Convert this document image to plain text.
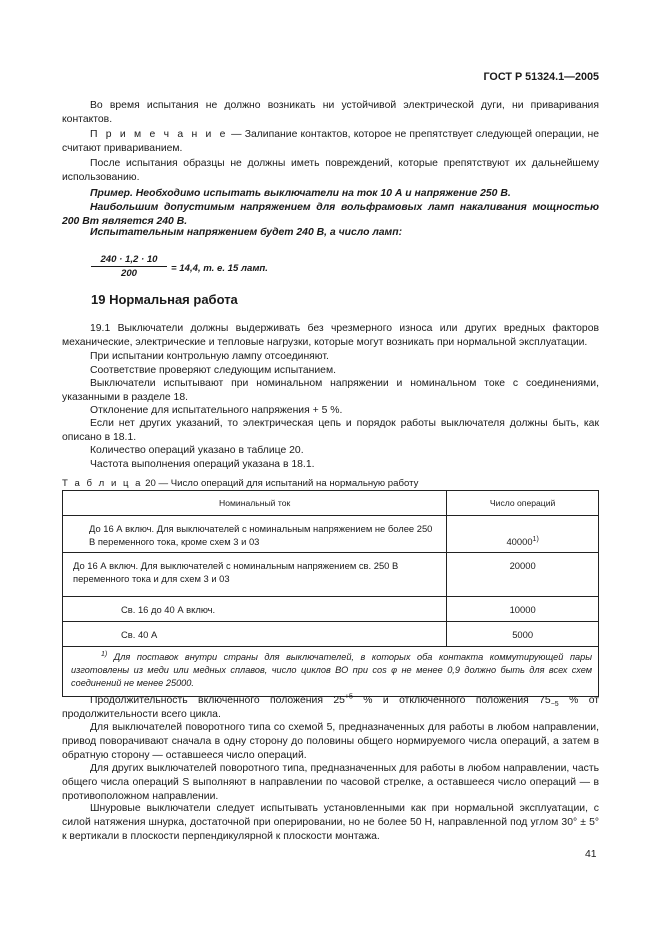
ГОСТ Р 51324.1—2005

Во время испытания не должно возникать ни устойчивой электрической дуги, ни приваривания контактов.

П р и м е ч а н и е — Залипание контактов, которое не препятствует следующей операции, не считают привариванием.

После испытания образцы не должны иметь повреждений, которые препятствуют их дальнейшему использованию.

Пример. Необходимо испытать выключатели на ток 10 А и напряжение 250 В.

Наибольшим допустимым напряжением для вольфрамовых ламп накаливания мощностью 200 Вт является 240 В.

Испытательным напряжением будет 240 В, а число ламп:

$\frac{240 \cdot 1,2 \cdot 10}{200} = 14,4$, т. е. 15 ламп.
19 Нормальная работа

19.1 Выключатели должны выдерживать без чрезмерного износа или других вредных факторов механические, электрические и тепловые нагрузки, которые могут возникать при нормальной эксплуатации.

При испытании контрольную лампу отсоединяют.

Соответствие проверяют следующим испытанием.

Выключатели испытывают при номинальном напряжении и номинальном токе с соединениями, указанными в разделе 18.

Отклонение для испытательного напряжения + 5 %.

Если нет других указаний, то электрическая цепь и порядок работы выключателя должны быть, как описано в 18.1.

Количество операций указано в таблице 20.

Частота выполнения операций указана в 18.1.

Т а б л и ц а 20 — Число операций для испытаний на нормальную работу

Номинальный ток	Число операций
До 16 А включ. Для выключателей с номинальным напряжением не более 250 В переменного тока, кроме схем 3 и 03	40000$^{1)}$
До 16 А включ. Для выключателей с номинальным напряжением св. 250 В переменного тока и для схем 3 и 03	20000
Св. 16 до 40 А включ.	10000
Св. 40 А	5000
$^{1)}$ Для поставок внутри страны для выключателей, в которых оба контакта коммутирующей пары изготовлены из меди или медных сплавов, число циклов ВО при cos φ не менее 0,9 должно быть для всех схем соединений не менее 25000.	

Продолжительность включенного положения $25^{+5}$ % и отключенного положения $75_{-5}$ % от продолжительности всего цикла.

Для выключателей поворотного типа со схемой 5, предназначенных для работы в любом направлении, привод поворачивают сначала в одну сторону до половины общего нормируемого числа операций, а затем в обратную сторону — оставшееся число операций.

Для других выключателей поворотного типа, предназначенных для работы в любом направлении, часть общего числа операций S выполняют в направлении по часовой стрелке, а оставшееся число операций — в противоположном направлении.

Шнуровые выключатели следует испытывать установленными как при нормальной эксплуатации, с силой натяжения шнурка, достаточной при оперировании, но не более 50 Н, направленной под углом 30° ± 5° к вертикали в плоскости перпендикулярной к плоскости монтажа.

41
